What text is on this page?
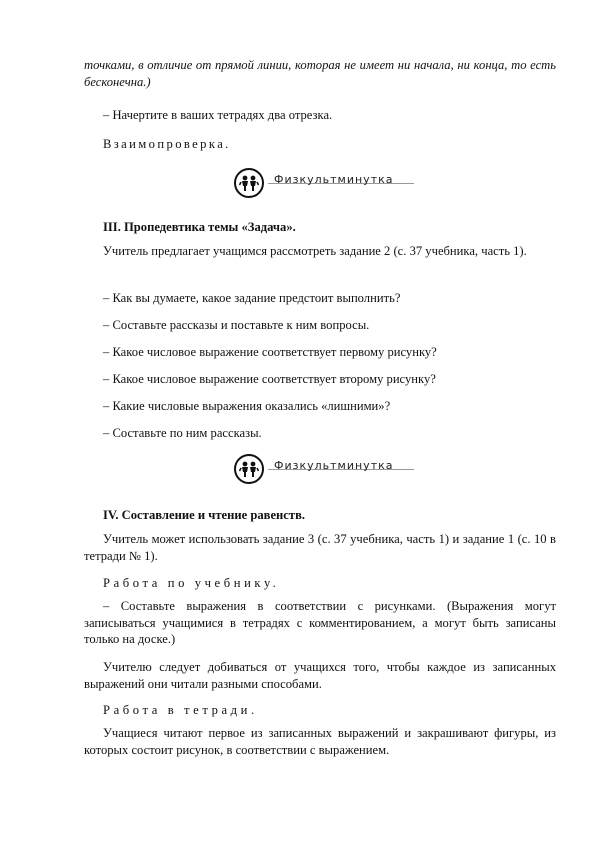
точками, в отличие от прямой линии, которая не имеет ни начала, ни конца, то есть бесконечна.)
– Начертите в ваших тетрадях два отрезка.
Взаимопроверка.
Физкультминутка
III. Пропедевтика темы «Задача».
Учитель предлагает учащимся рассмотреть задание 2 (с. 37 учебника, часть 1).
– Как вы думаете, какое задание предстоит выполнить?
– Составьте рассказы и поставьте к ним вопросы.
– Какое числовое выражение соответствует первому рисунку?
– Какое числовое выражение соответствует второму рисунку?
– Какие числовые выражения оказались «лишними»?
– Составьте по ним рассказы.
Физкультминутка
IV. Составление и чтение равенств.
Учитель может использовать задание 3 (с. 37 учебника, часть 1) и задание 1 (с. 10 в тетради № 1).
Работа по учебнику.
– Составьте выражения в соответствии с рисунками. (Выражения могут записываться учащимися в тетрадях с комментированием, а могут быть записаны только на доске.)
Учителю следует добиваться от учащихся того, чтобы каждое из записанных выражений они читали разными способами.
Работа в тетради.
Учащиеся читают первое из записанных выражений и закрашивают фигуры, из которых состоит рисунок, в соответствии с выражением.
